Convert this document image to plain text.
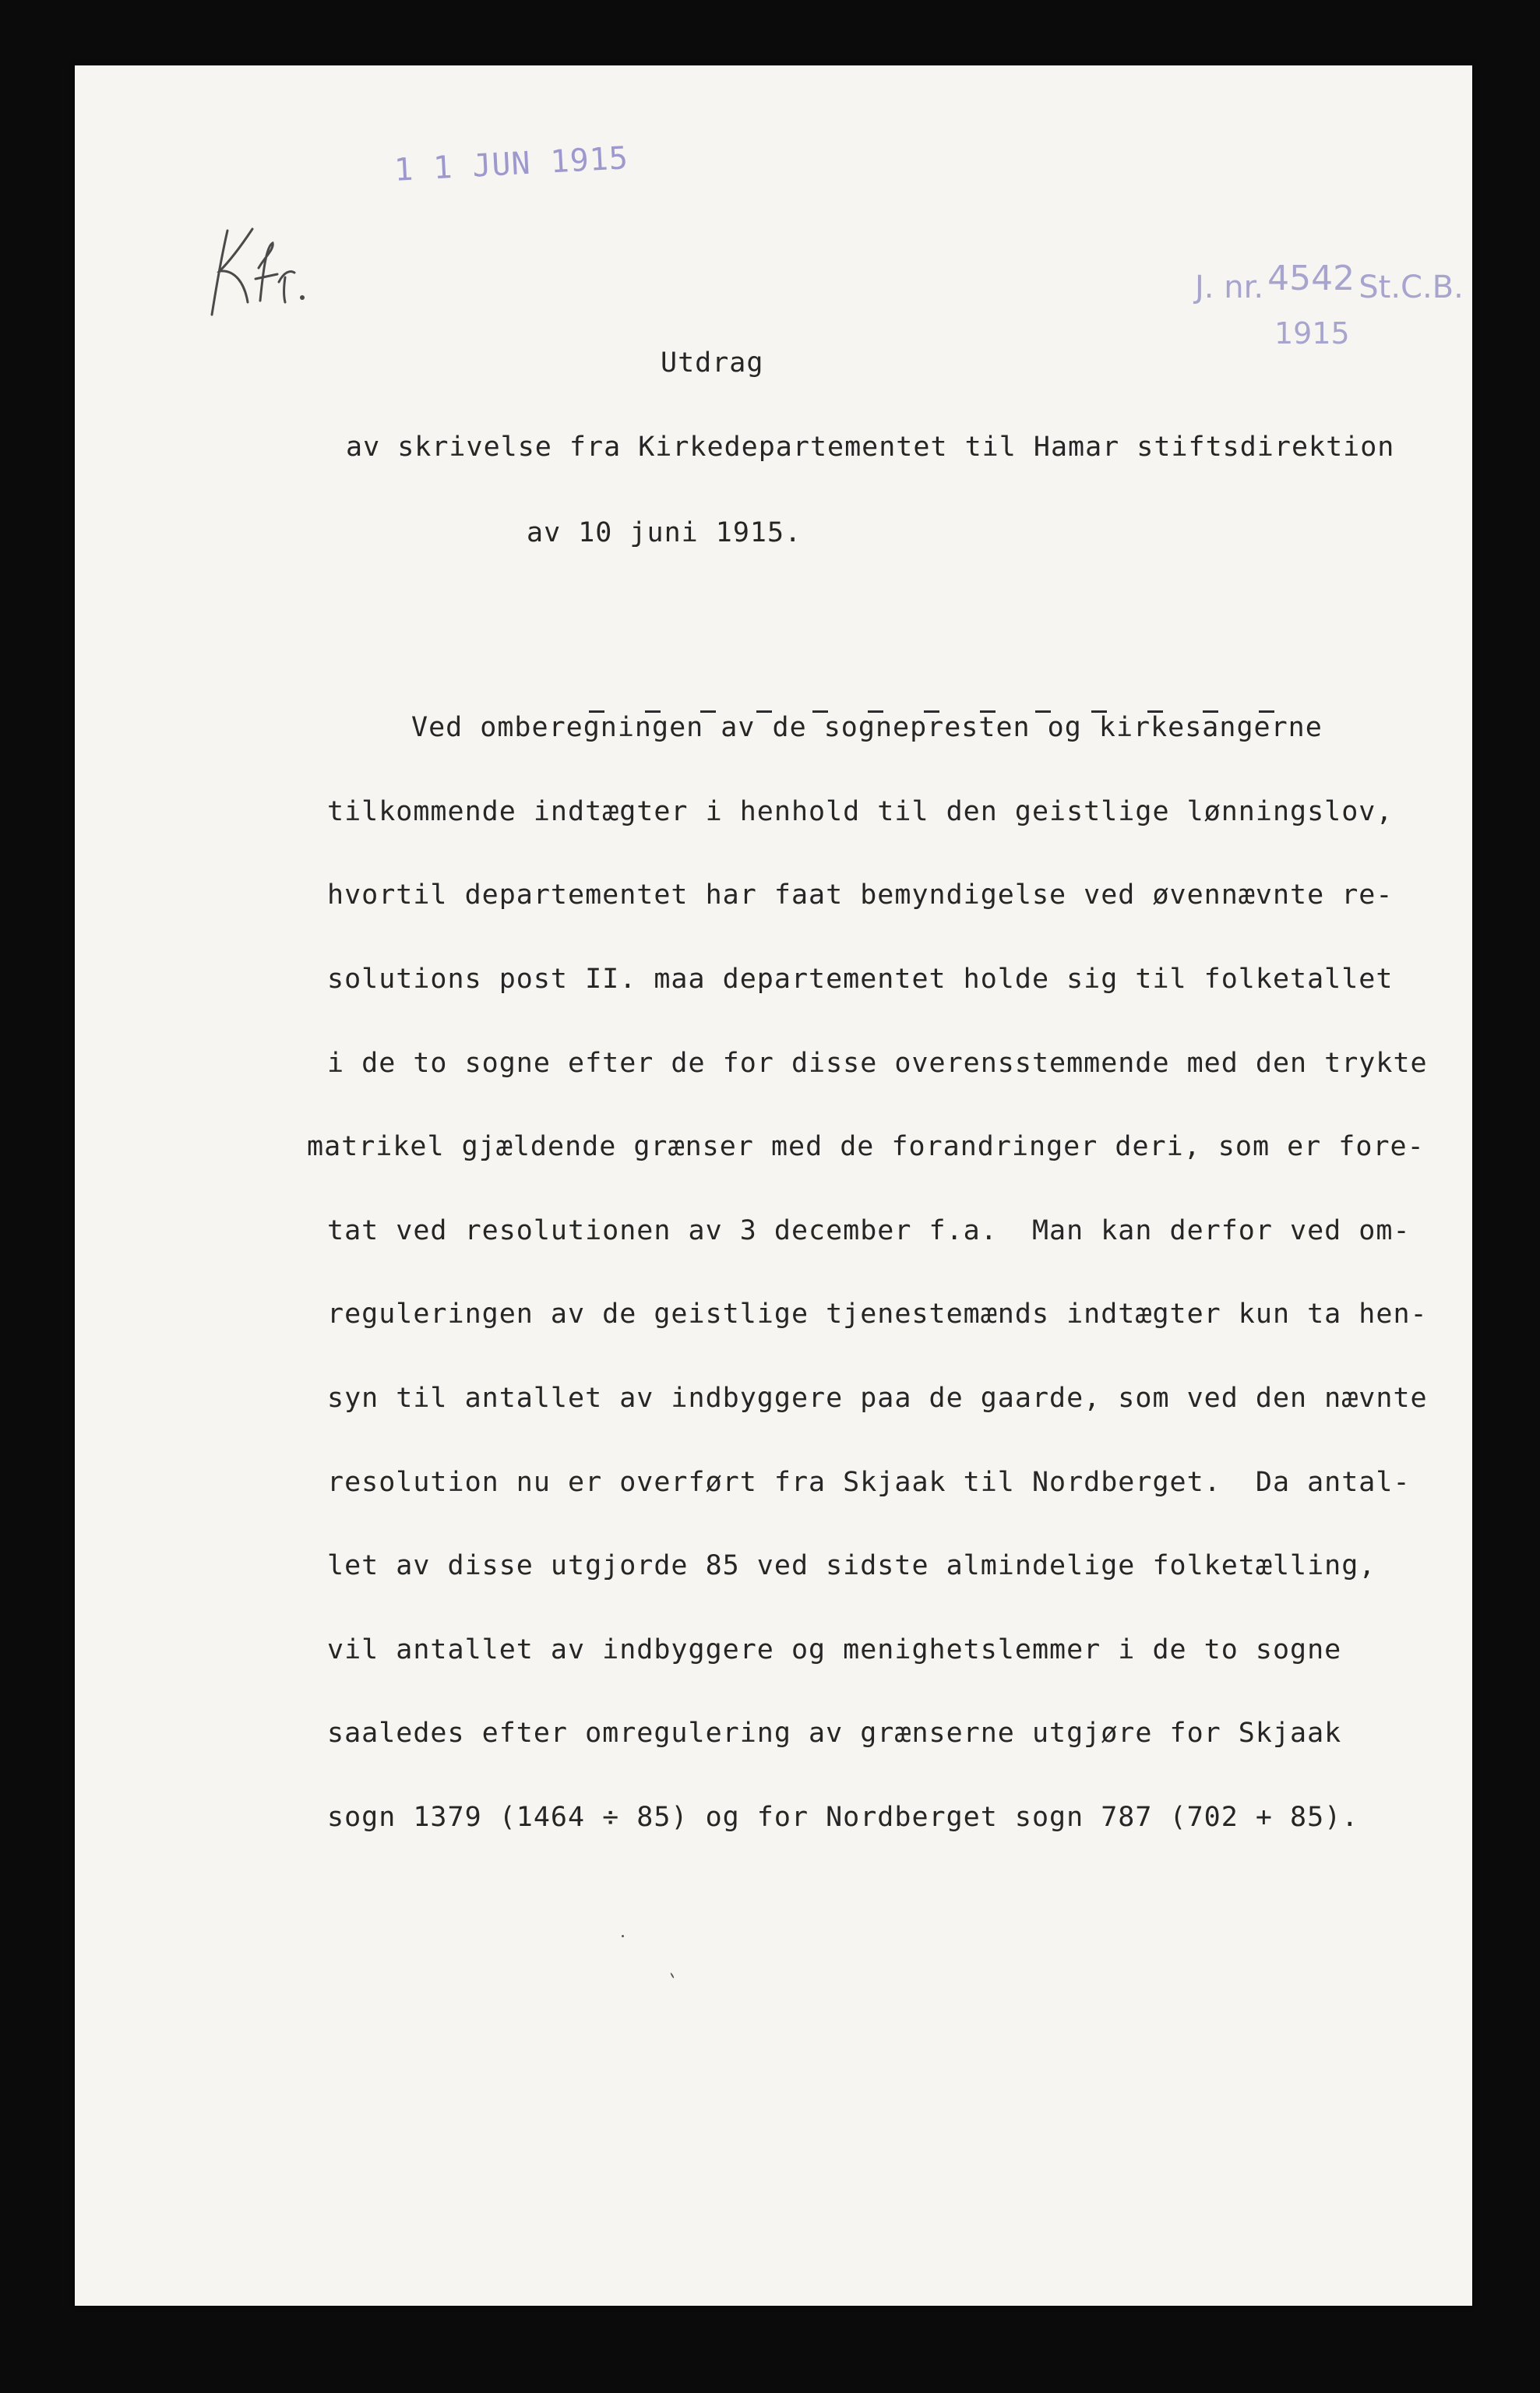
1 1 JUN 1915
J. nr. 4542 St.C.B.
1915
Utdrag
av skrivelse fra Kirkedepartementet til Hamar stiftsdirektion
av 10 juni 1915.
Ved omberegningen av de sognepresten og kirkesangerne
tilkommende indtægter i henhold til den geistlige lønningslov,
hvortil departementet har faat bemyndigelse ved øvennævnte re-
solutions post II. maa departementet holde sig til folketallet
i de to sogne efter de for disse overensstemmende med den trykte
matrikel gjældende grænser med de forandringer deri, som er fore-
tat ved resolutionen av 3 december f.a.  Man kan derfor ved om-
reguleringen av de geistlige tjenestemænds indtægter kun ta hen-
syn til antallet av indbyggere paa de gaarde, som ved den nævnte
resolution nu er overført fra Skjaak til Nordberget.  Da antal-
let av disse utgjorde 85 ved sidste almindelige folketælling,
vil antallet av indbyggere og menighetslemmer i de to sogne
saaledes efter omregulering av grænserne utgjøre for Skjaak
sogn 1379 (1464 ÷ 85) og for Nordberget sogn 787 (702 + 85).
